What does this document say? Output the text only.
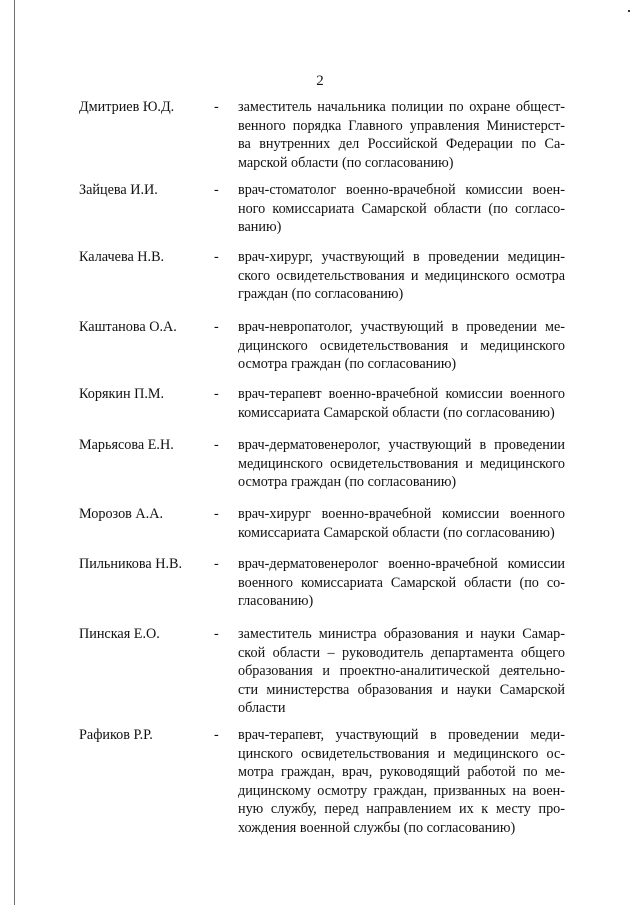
2
Дмитриев Ю.Д.	- заместитель начальника полиции по охране общест-
венного порядка Главного управления Министерст-
ва внутренних дел Российской Федерации по Са-
марской области (по согласованию)
Зайцева И.И.	- врач-стоматолог военно-врачебной комиссии воен-
ного комиссариата Самарской области (по согласо-
ванию)
Калачева Н.В.	- врач-хирург, участвующий в проведении медицин-
ского освидетельствования и медицинского осмотра
граждан (по согласованию)
Каштанова О.А.	- врач-невропатолог, участвующий в проведении ме-
дицинского освидетельствования и медицинского
осмотра граждан (по согласованию)
Корякин П.М.	- врач-терапевт военно-врачебной комиссии военного
комиссариата Самарской области (по согласованию)
Марьясова Е.Н.	- врач-дерматовенеролог, участвующий в проведении
медицинского освидетельствования и медицинского
осмотра граждан (по согласованию)
Морозов А.А.	- врач-хирург военно-врачебной комиссии военного
комиссариата Самарской области (по согласованию)
Пильникова Н.В. - врач-дерматовенеролог военно-врачебной комиссии
военного комиссариата Самарской области (по со-
гласованию)
Пинская Е.О.	- заместитель министра образования и науки Самар-
ской области – руководитель департамента общего
образования и проектно-аналитической деятельно-
сти министерства образования и науки Самарской
области
Рафиков Р.Р.	- врач-терапевт, участвующий в проведении меди-
цинского освидетельствования и медицинского ос-
мотра граждан, врач, руководящий работой по ме-
дицинскому осмотру граждан, призванных на воен-
ную службу, перед направлением их к месту про-
хождения военной службы (по согласованию)
